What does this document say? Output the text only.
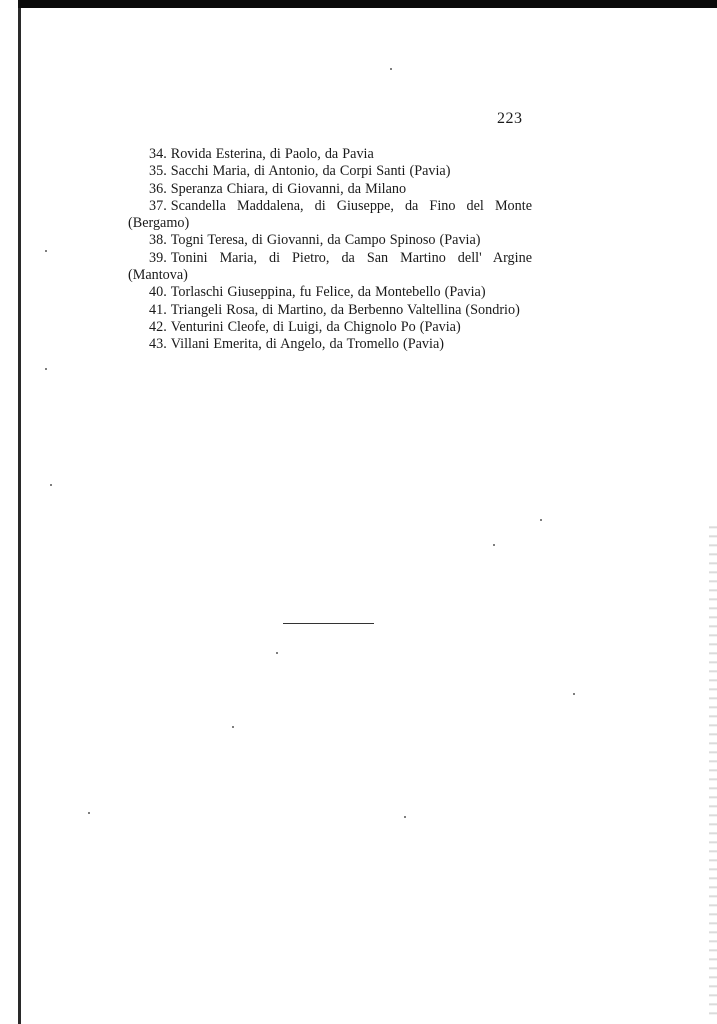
223
34. Rovida Esterina, di Paolo, da Pavia
35. Sacchi Maria, di Antonio, da Corpi Santi (Pavia)
36. Speranza Chiara, di Giovanni, da Milano
37. Scandella Maddalena, di Giuseppe, da Fino del Monte (Bergamo)
38. Togni Teresa, di Giovanni, da Campo Spinoso (Pavia)
39. Tonini Maria, di Pietro, da San Martino dell' Argine (Mantova)
40. Torlaschi Giuseppina, fu Felice, da Montebello (Pavia)
41. Triangeli Rosa, di Martino, da Berbenno Valtellina (Sondrio)
42. Venturini Cleofe, di Luigi, da Chignolo Po (Pavia)
43. Villani Emerita, di Angelo, da Tromello (Pavia)
